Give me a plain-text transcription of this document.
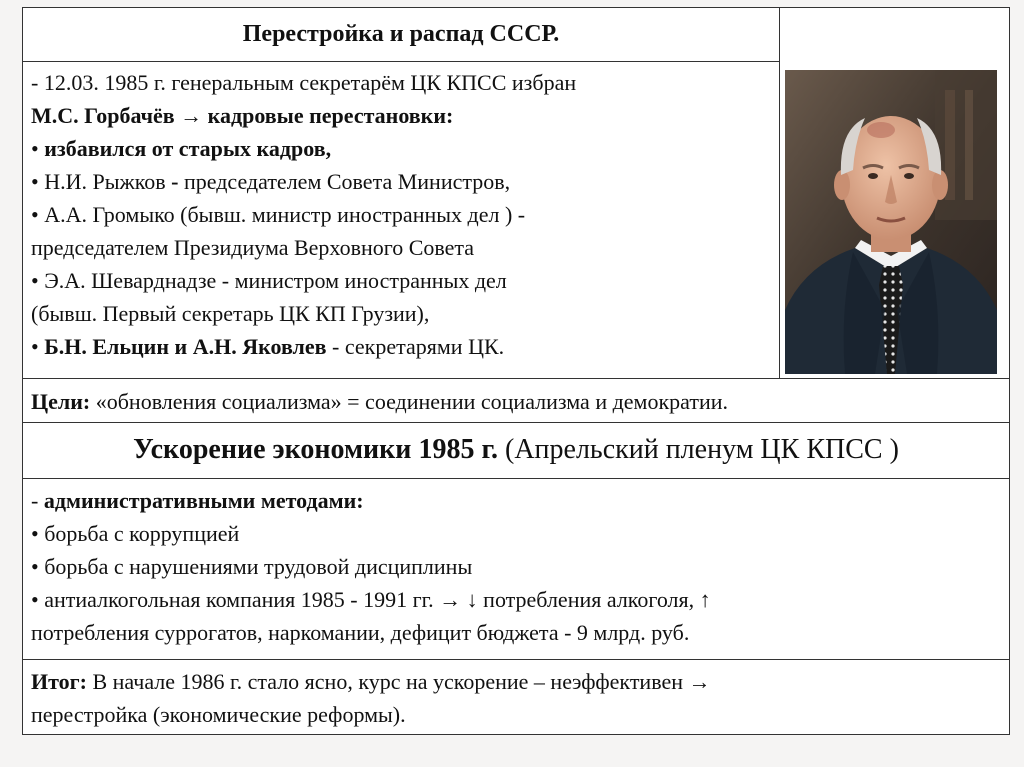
Перестройка и распад СССР.

- 12.03. 1985 г. генеральным секретарём ЦК КПСС избран

М.С. Горбачёв → кадровые перестановки:

• избавился от старых кадров,

• Н.И. Рыжков - председателем Совета Министров,

• А.А. Громыко (бывш. министр иностранных дел ) -

председателем Президиума Верховного Совета

• Э.А. Шеварднадзе - министром иностранных дел

(бывш. Первый секретарь ЦК КП Грузии),

• Б.Н. Ельцин и А.Н. Яковлев - секретарями ЦК.

Цели: «обновления социализма» = соединении социализма и демократии.

Ускорение экономики 1985 г. (Апрельский пленум ЦК КПСС )

- административными методами:

• борьба с коррупцией

• борьба с нарушениями трудовой дисциплины

• антиалкогольная компания 1985 - 1991 гг. → ↓ потребления алкоголя, ↑

потребления суррогатов, наркомании, дефицит бюджета - 9 млрд. руб.

Итог: В начале 1986 г. стало ясно, курс на ускорение – неэффективен →

перестройка (экономические реформы).
